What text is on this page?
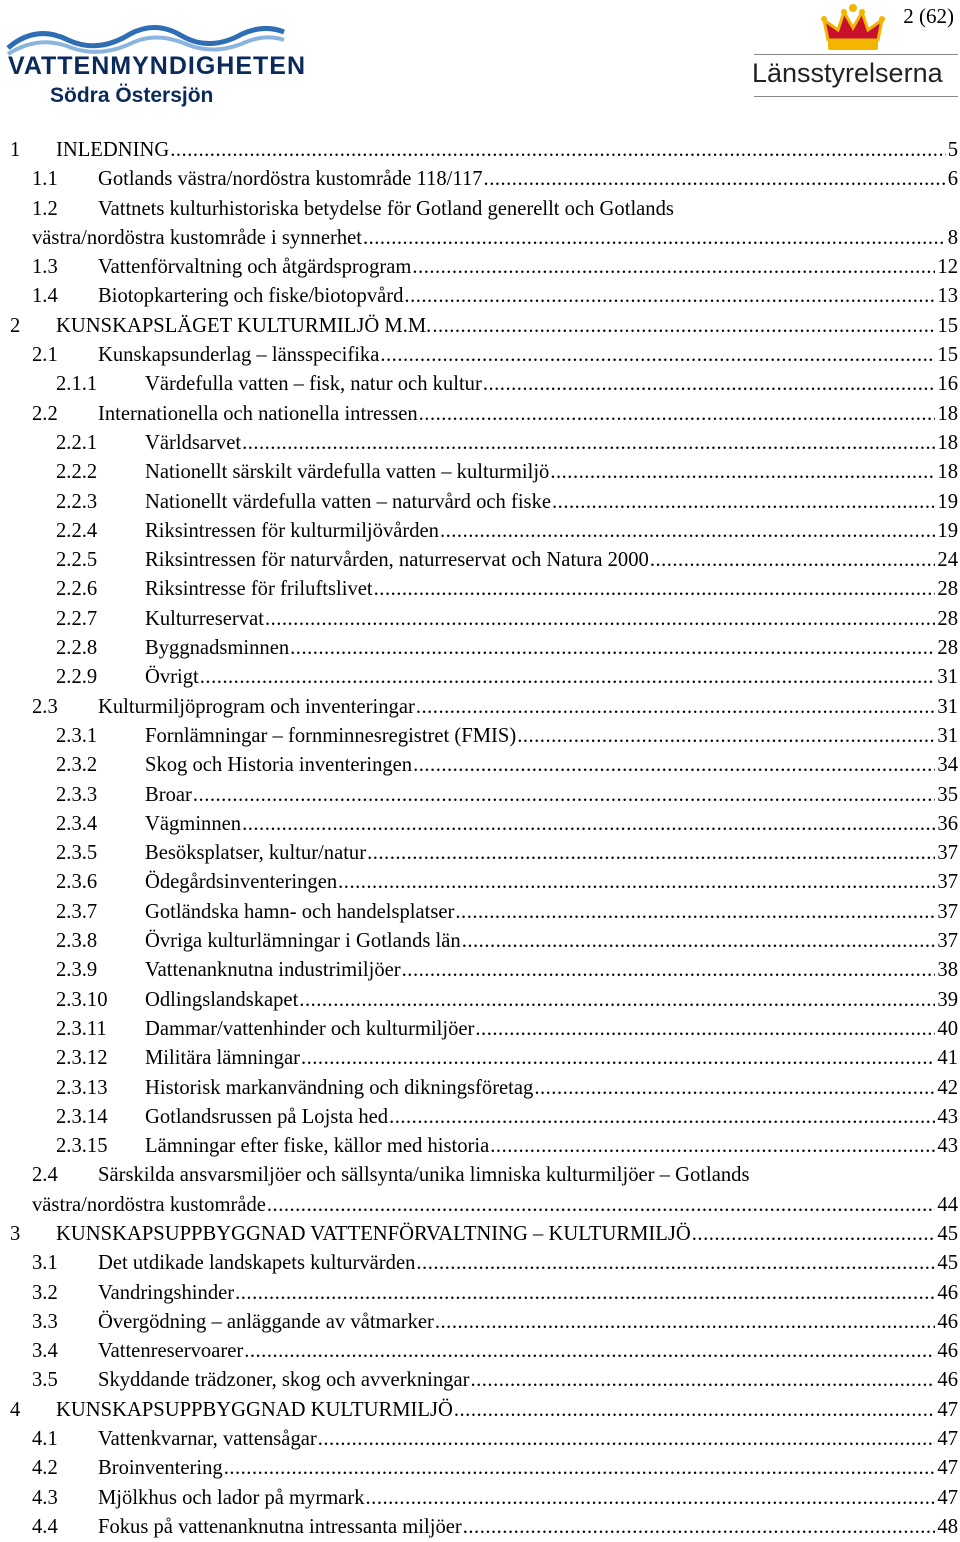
VATTENMYNDIGHETEN
Södra Östersjön
2 (62)
Länsstyrelserna
1 INLEDNING .....	5
1.1 Gotlands västra/nordöstra kustområde 118/117 .....	6
1.2 Vattnets kulturhistoriska betydelse för Gotland generellt och Gotlands
västra/nordöstra kustområde i synnerhet .....	8
1.3 Vattenförvaltning och åtgärdsprogram .....	12
1.4 Biotopkartering och fiske/biotopvård .....	13
2 KUNSKAPSLÄGET KULTURMILJÖ M.M. .....	15
2.1 Kunskapsunderlag – länsspecifika .....	15
2.1.1 Värdefulla vatten – fisk, natur och kultur .....	16
2.2 Internationella och nationella intressen .....	18
2.2.1 Världsarvet .....	18
2.2.2 Nationellt särskilt värdefulla vatten – kulturmiljö .....	18
2.2.3 Nationellt värdefulla vatten – naturvård och fiske .....	19
2.2.4 Riksintressen för kulturmiljövården .....	19
2.2.5 Riksintressen för naturvården, naturreservat och Natura 2000 .....	24
2.2.6 Riksintresse för friluftslivet .....	28
2.2.7 Kulturreservat .....	28
2.2.8 Byggnadsminnen .....	28
2.2.9 Övrigt .....	31
2.3 Kulturmiljöprogram och inventeringar .....	31
2.3.1 Fornlämningar – fornminnesregistret (FMIS) .....	31
2.3.2 Skog och Historia inventeringen .....	34
2.3.3 Broar .....	35
2.3.4 Vägminnen .....	36
2.3.5 Besöksplatser, kultur/natur .....	37
2.3.6 Ödegårdsinventeringen .....	37
2.3.7 Gotländska hamn- och handelsplatser .....	37
2.3.8 Övriga kulturlämningar i Gotlands län .....	37
2.3.9 Vattenanknutna industrimiljöer .....	38
2.3.10 Odlingslandskapet .....	39
2.3.11 Dammar/vattenhinder och kulturmiljöer .....	40
2.3.12 Militära lämningar .....	41
2.3.13 Historisk markanvändning och dikningsföretag .....	42
2.3.14 Gotlandsrussen på Lojsta hed .....	43
2.3.15 Lämningar efter fiske, källor med historia .....	43
2.4 Särskilda ansvarsmiljöer och sällsynta/unika limniska kulturmiljöer – Gotlands
västra/nordöstra kustområde .....	44
3 KUNSKAPSUPPBYGGNAD VATTENFÖRVALTNING – KULTURMILJÖ .....	45
3.1 Det utdikade landskapets kulturvärden .....	45
3.2 Vandringshinder .....	46
3.3 Övergödning – anläggande av våtmarker .....	46
3.4 Vattenreservoarer .....	46
3.5 Skyddande trädzoner, skog och avverkningar .....	46
4 KUNSKAPSUPPBYGGNAD KULTURMILJÖ .....	47
4.1 Vattenkvarnar, vattensågar .....	47
4.2 Broinventering .....	47
4.3 Mjölkhus och lador på myrmark .....	47
4.4 Fokus på vattenanknutna intressanta miljöer .....	48
